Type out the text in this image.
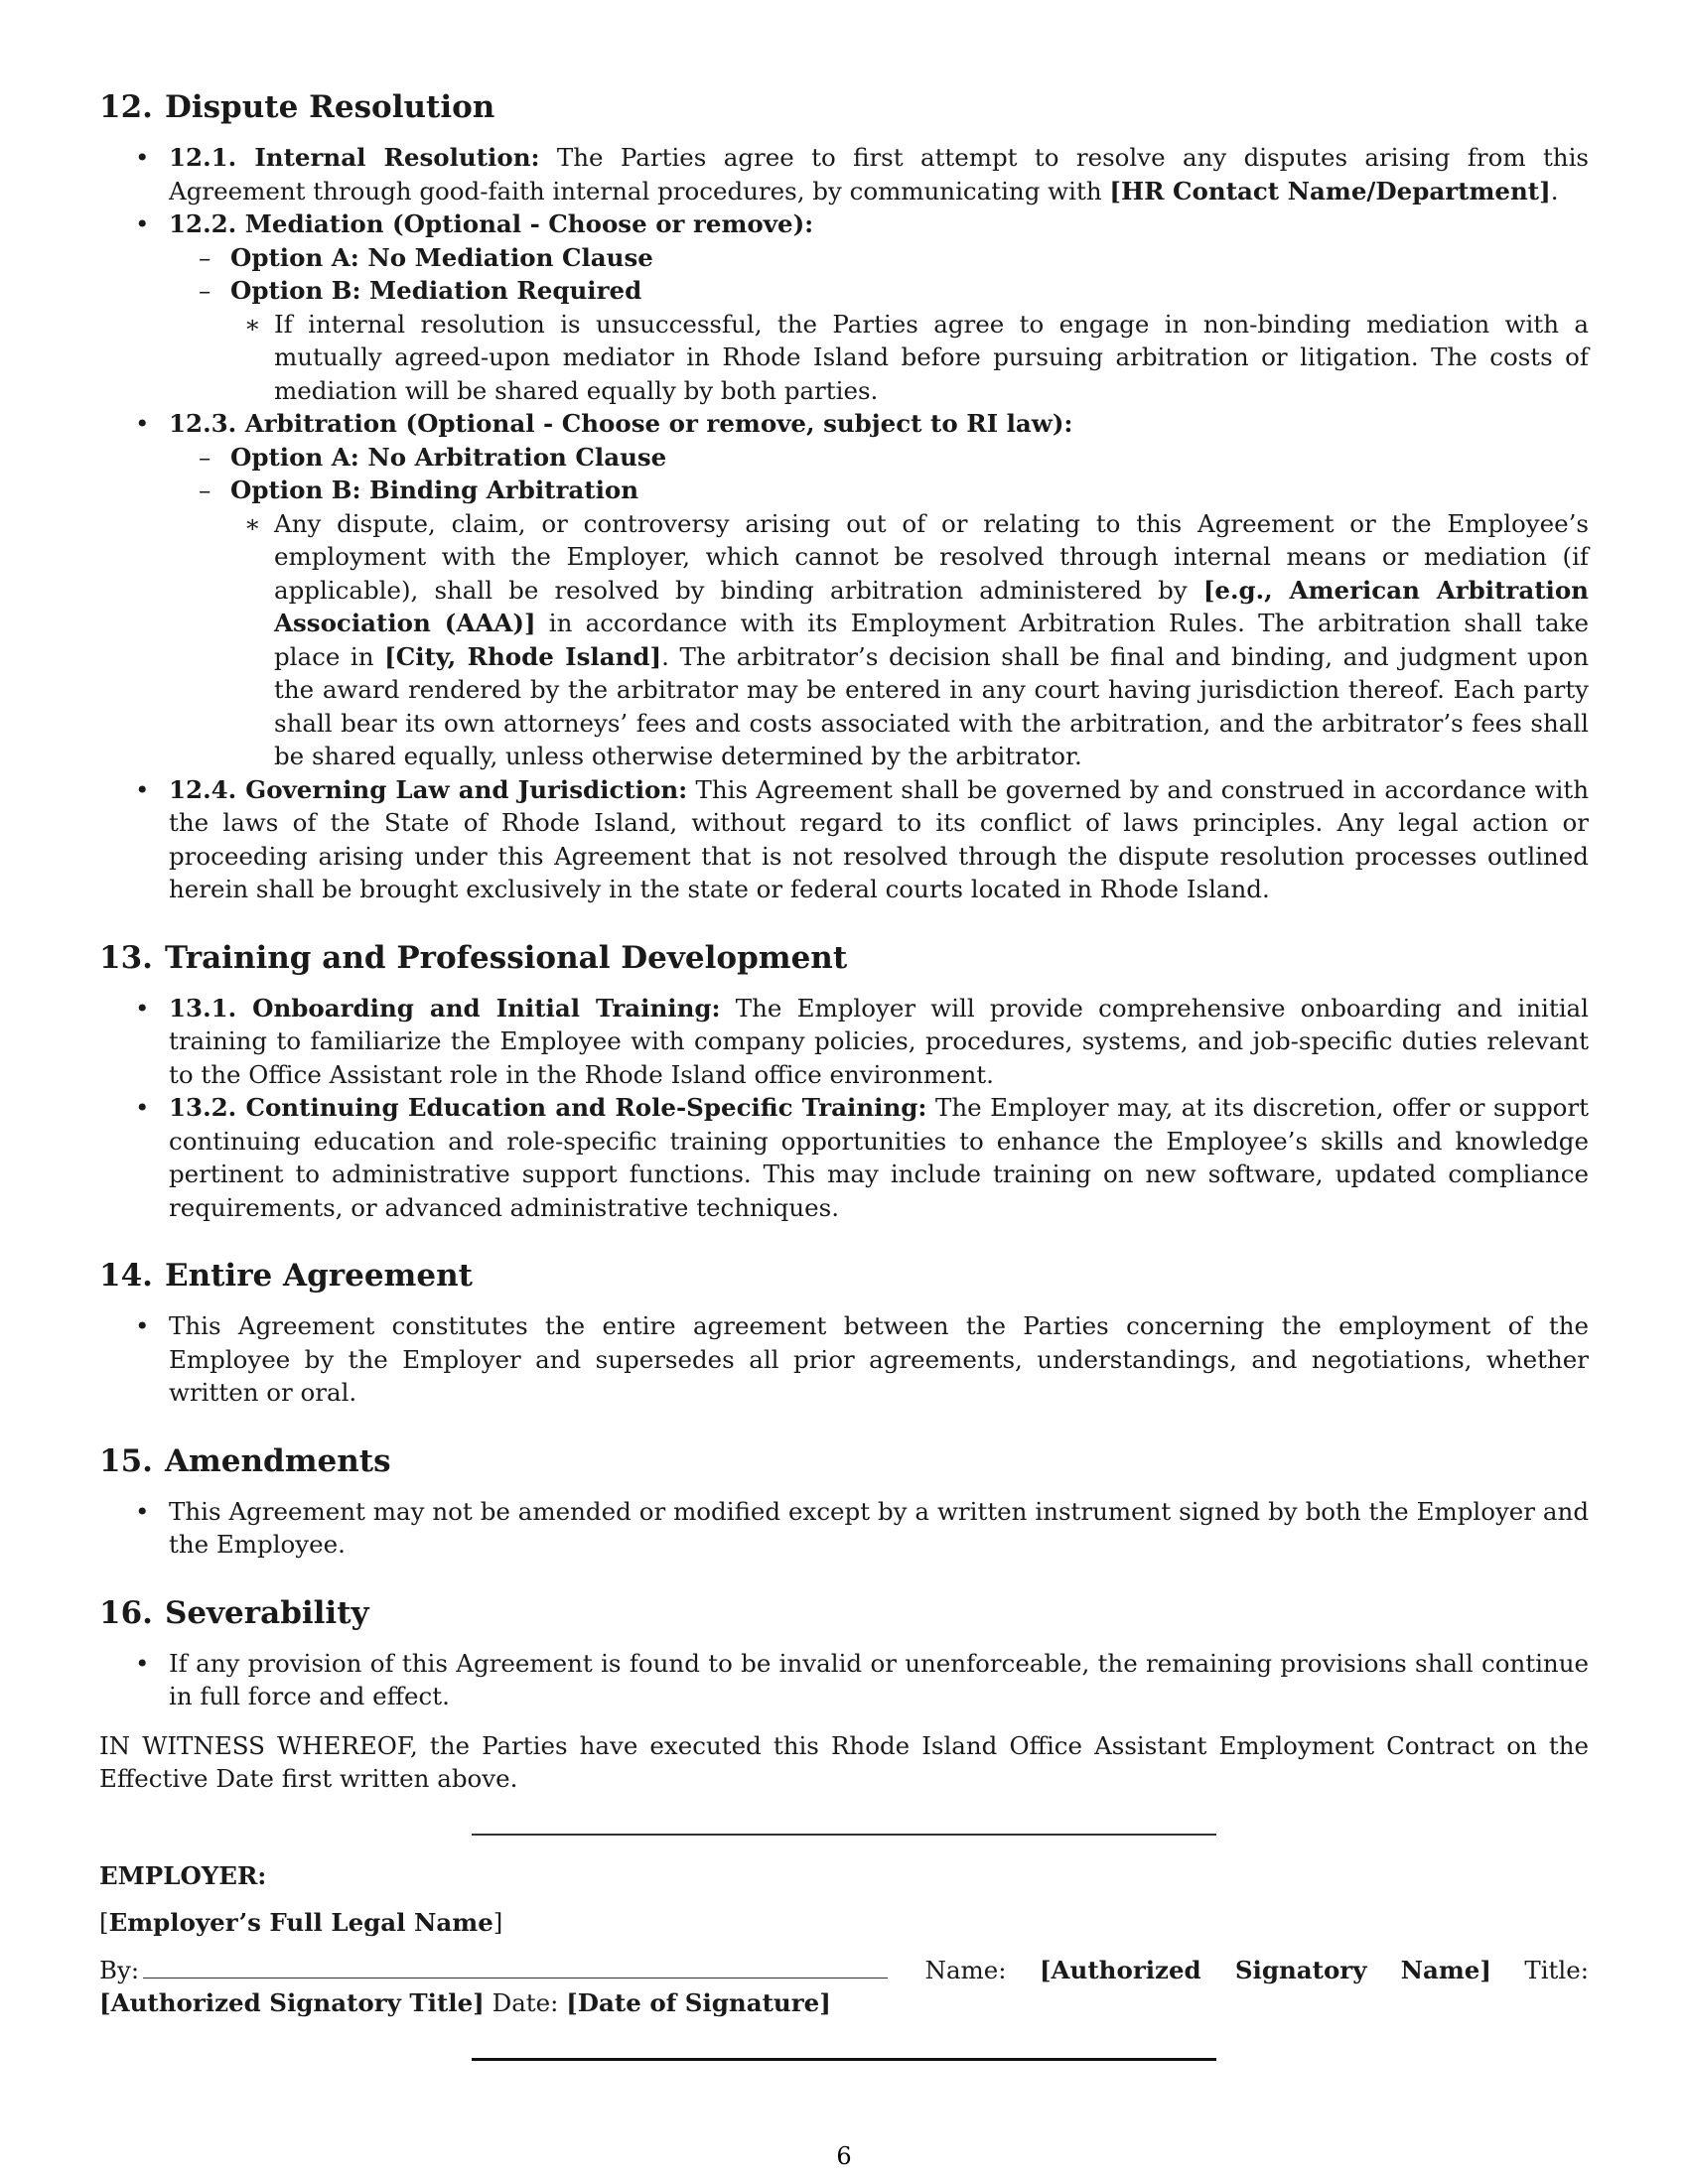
12. Dispute Resolution
• 12.1. Internal Resolution: The Parties agree to first attempt to resolve any disputes arising from this Agreement through good-faith internal procedures, by communicating with [HR Contact Name/Department].
• 12.2. Mediation (Optional - Choose or remove):
– Option A: No Mediation Clause
– Option B: Mediation Required
∗ If internal resolution is unsuccessful, the Parties agree to engage in non-binding mediation with a mutually agreed-upon mediator in Rhode Island before pursuing arbitration or litigation. The costs of mediation will be shared equally by both parties.
• 12.3. Arbitration (Optional - Choose or remove, subject to RI law):
– Option A: No Arbitration Clause
– Option B: Binding Arbitration
∗ Any dispute, claim, or controversy arising out of or relating to this Agreement or the Employee’s employment with the Employer, which cannot be resolved through internal means or mediation (if applicable), shall be resolved by binding arbitration administered by [e.g., American Arbitration Association (AAA)] in accordance with its Employment Arbitration Rules. The arbitration shall take place in [City, Rhode Island]. The arbitrator’s decision shall be final and binding, and judgment upon the award rendered by the arbitrator may be entered in any court having jurisdiction thereof. Each party shall bear its own attorneys’ fees and costs associated with the arbitration, and the arbitrator’s fees shall be shared equally, unless otherwise determined by the arbitrator.
• 12.4. Governing Law and Jurisdiction: This Agreement shall be governed by and construed in accordance with the laws of the State of Rhode Island, without regard to its conflict of laws principles. Any legal action or proceeding arising under this Agreement that is not resolved through the dispute resolution processes outlined herein shall be brought exclusively in the state or federal courts located in Rhode Island.
13. Training and Professional Development
• 13.1. Onboarding and Initial Training: The Employer will provide comprehensive onboarding and initial training to familiarize the Employee with company policies, procedures, systems, and job-specific duties relevant to the Office Assistant role in the Rhode Island office environment.
• 13.2. Continuing Education and Role-Specific Training: The Employer may, at its discretion, offer or support continuing education and role-specific training opportunities to enhance the Employee’s skills and knowledge pertinent to administrative support functions. This may include training on new software, updated compliance requirements, or advanced administrative techniques.
14. Entire Agreement
• This Agreement constitutes the entire agreement between the Parties concerning the employment of the Employee by the Employer and supersedes all prior agreements, understandings, and negotiations, whether written or oral.
15. Amendments
• This Agreement may not be amended or modified except by a written instrument signed by both the Employer and the Employee.
16. Severability
• If any provision of this Agreement is found to be invalid or unenforceable, the remaining provisions shall continue in full force and effect.

IN WITNESS WHEREOF, the Parties have executed this Rhode Island Office Assistant Employment Contract on the Effective Date first written above.

EMPLOYER:
[Employer’s Full Legal Name]
By:	Name: [Authorized Signatory Name] Title: [Authorized Signatory Title] Date: [Date of Signature]
6
